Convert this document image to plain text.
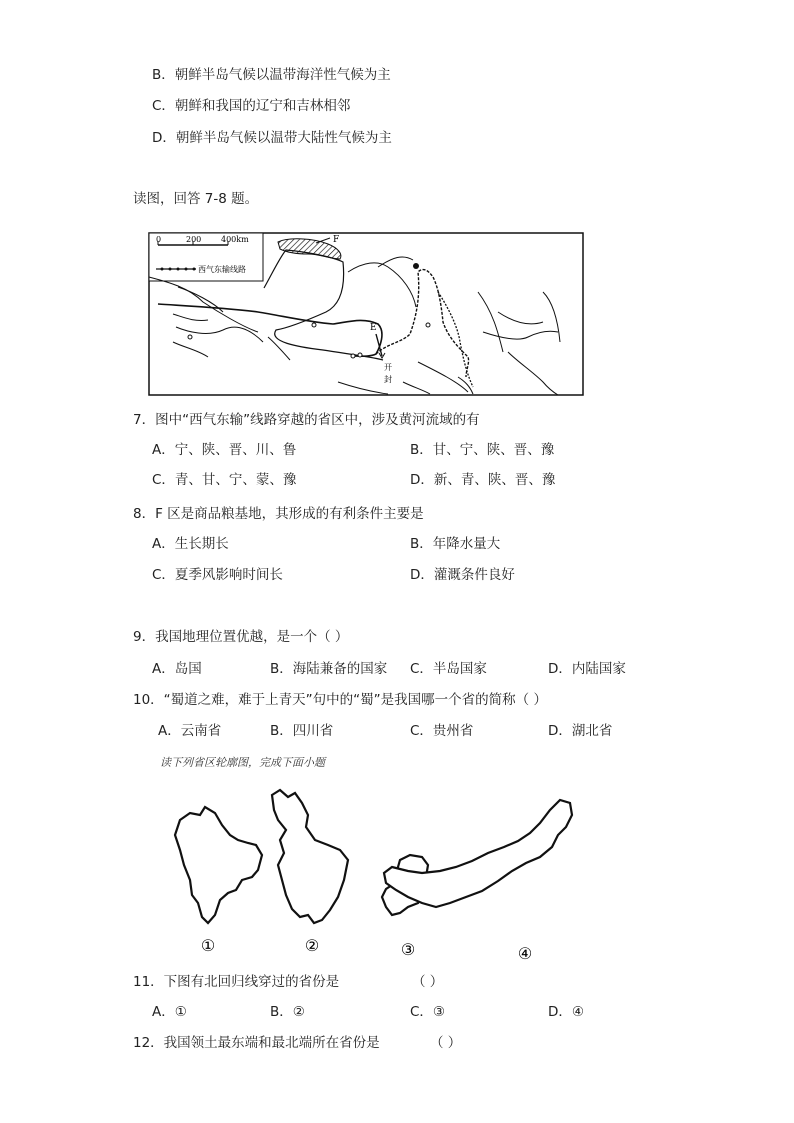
B．朝鲜半岛气候以温带海洋性气候为主
C．朝鲜和我国的辽宁和吉林相邻
D．朝鲜半岛气候以温带大陆性气候为主
读图，回答 7-8 题。
0	200 400km
西气东输线路
F
E
开
封
7．图中“西气东输”线路穿越的省区中，涉及黄河流域的有
A．宁、陕、晋、川、鲁	B．甘、宁、陕、晋、豫
C．青、甘、宁、蒙、豫	D．新、青、陕、晋、豫
8．F 区是商品粮基地，其形成的有利条件主要是
A．生长期长	B．年降水量大
C．夏季风影响时间长	D．灌溉条件良好
9．我国地理位置优越，是一个（ ）
A．岛国	B．海陆兼备的国家 C．半岛国家	D．内陆国家
10．“蜀道之难，难于上青天”句中的“蜀”是我国哪一个省的简称（ ）
A．云南省	B．四川省	C．贵州省	D．湖北省
读下列省区轮廓图，完成下面小题
①	②	③	④
11．下图有北回归线穿过的省份是	（ ）
A．①	B．②	C．③	D．④
12．我国领土最东端和最北端所在省份是	（ ）
